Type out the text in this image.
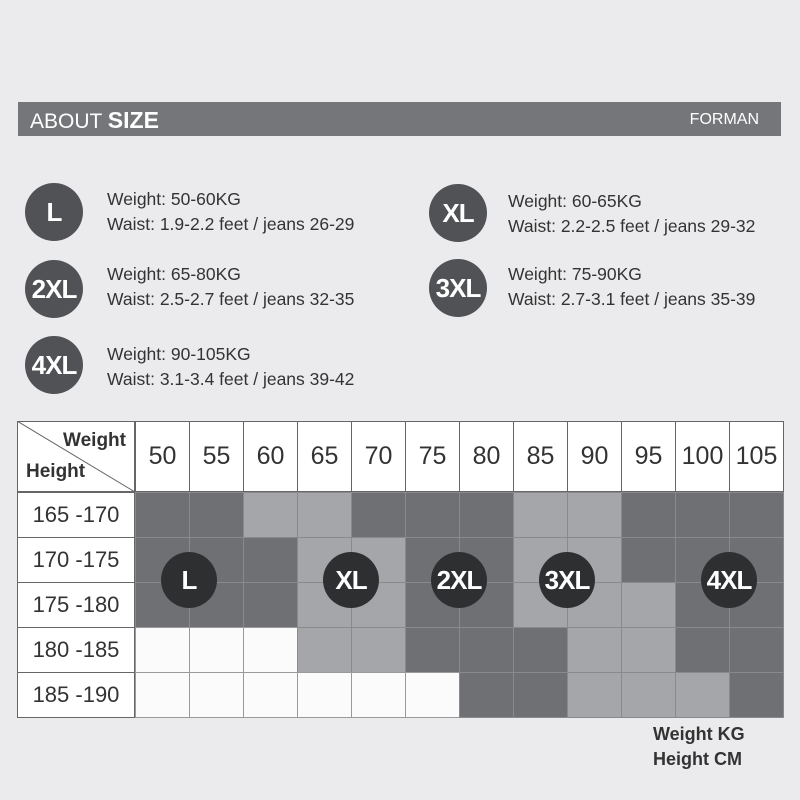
ABOUT SIZE	FORMAN
L	Weight: 50-60KG
Waist: 1.9-2.2 feet / jeans 26-29	XL	Weight: 60-65KG
Waist: 2.2-2.5 feet / jeans 29-32
2XL	Weight: 65-80KG
Waist: 2.5-2.7 feet / jeans 32-35	3XL	Weight: 75-90KG
Waist: 2.7-3.1 feet / jeans 35-39
4XL	Weight: 90-105KG
Waist: 3.1-3.4 feet / jeans 39-42
Weight
Height
50	55	60	65	70	75	80	85	90	95 100 105
165 -170
170 -175
175 -180
180 -185
185 -190
L	XL	2XL 3XL	4XL
Weight KG
Height CM
